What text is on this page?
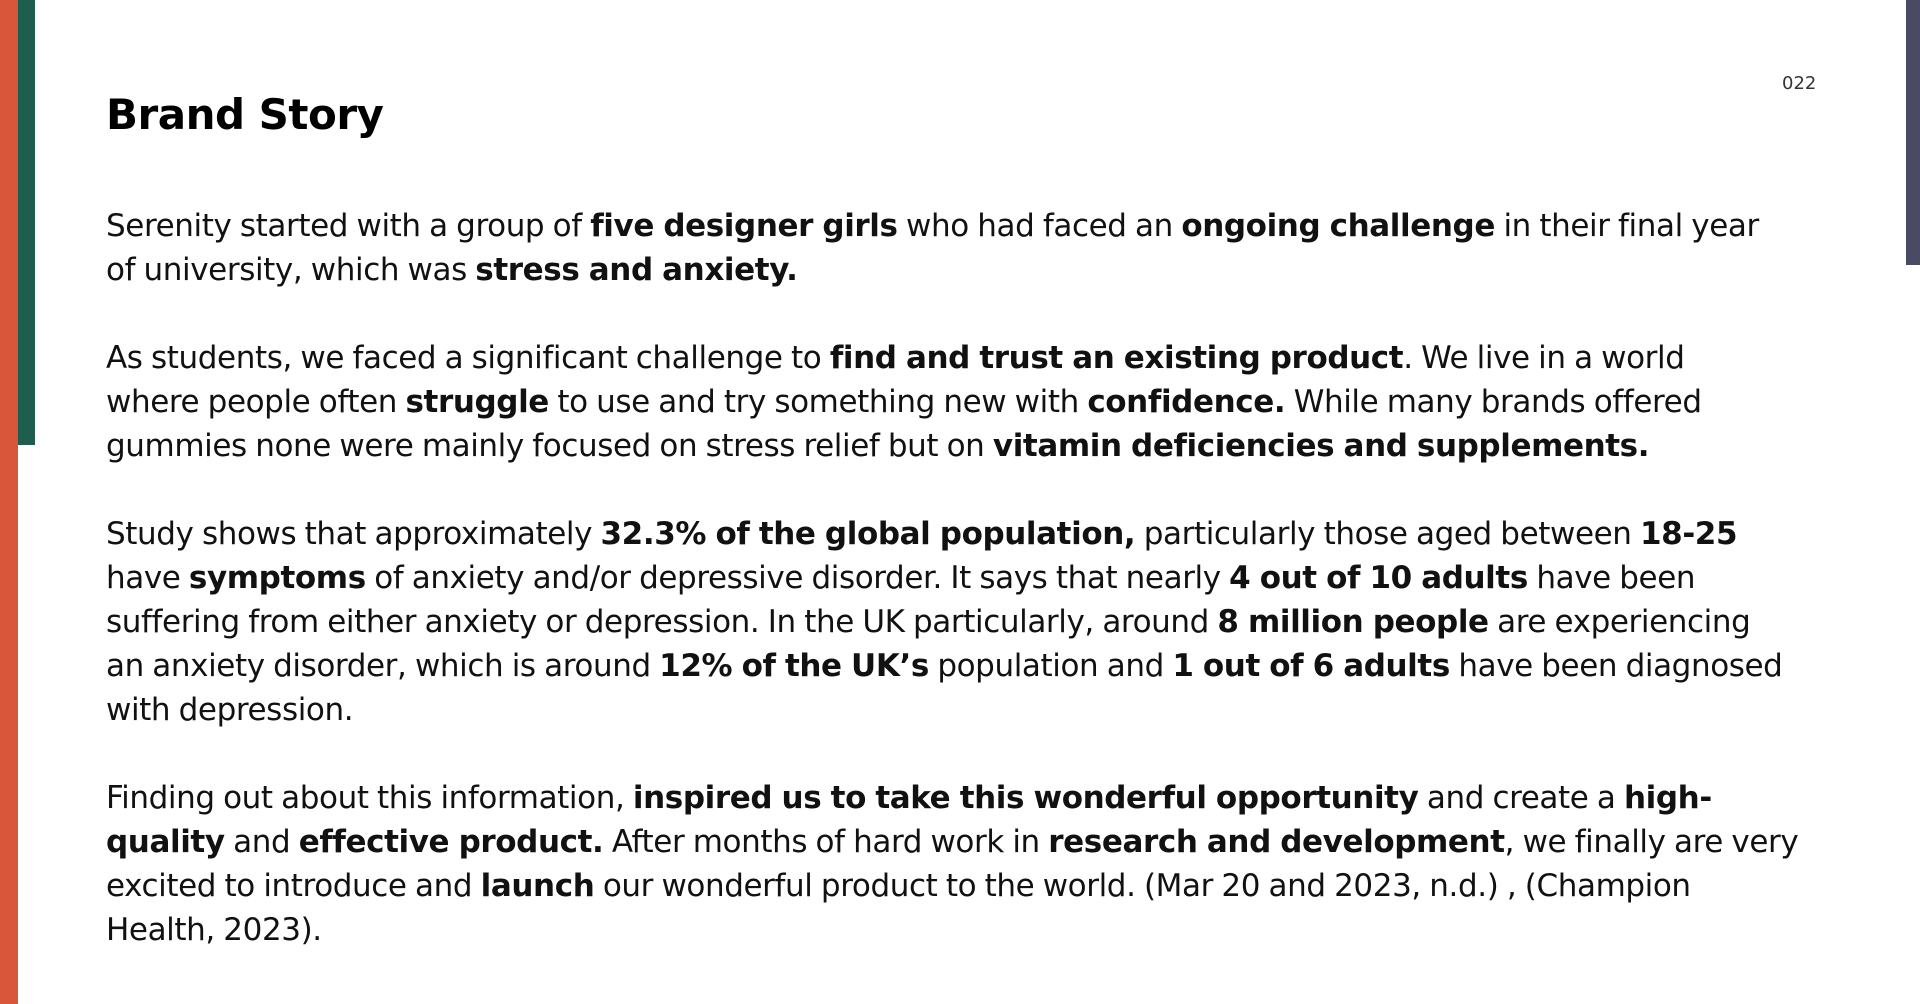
022
Brand Story
Serenity started with a group of five designer girls who had faced an ongoing challenge in their final year
of university, which was stress and anxiety.
As students, we faced a significant challenge to find and trust an existing product. We live in a world
where people often struggle to use and try something new with confidence. While many brands offered
gummies none were mainly focused on stress relief but on vitamin deficiencies and supplements.
Study shows that approximately 32.3% of the global population, particularly those aged between 18-25
have symptoms of anxiety and/or depressive disorder. It says that nearly 4 out of 10 adults have been
suffering from either anxiety or depression. In the UK particularly, around 8 million people are experiencing
an anxiety disorder, which is around 12% of the UK’s population and 1 out of 6 adults have been diagnosed
with depression.
Finding out about this information, inspired us to take this wonderful opportunity and create a high-
quality and effective product. After months of hard work in research and development, we finally are very
excited to introduce and launch our wonderful product to the world. (Mar 20 and 2023, n.d.) , (Champion
Health, 2023).
